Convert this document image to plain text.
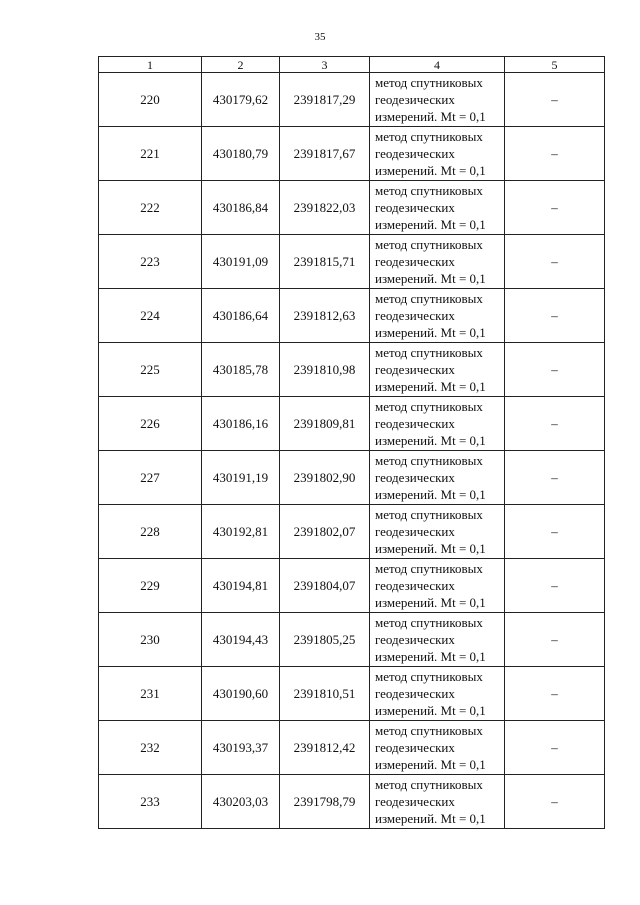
35
1	2	3	4	5
220	430179,62	2391817,29	метод спутниковых
геодезических
измерений. Mt = 0,1	–
221	430180,79	2391817,67	метод спутниковых
геодезических
измерений. Mt = 0,1	–
222	430186,84	2391822,03	метод спутниковых
геодезических
измерений. Mt = 0,1	–
223	430191,09	2391815,71	метод спутниковых
геодезических
измерений. Mt = 0,1	–
224	430186,64	2391812,63	метод спутниковых
геодезических
измерений. Mt = 0,1	–
225	430185,78	2391810,98	метод спутниковых
геодезических
измерений. Mt = 0,1	–
226	430186,16	2391809,81	метод спутниковых
геодезических
измерений. Mt = 0,1	–
227	430191,19	2391802,90	метод спутниковых
геодезических
измерений. Mt = 0,1	–
228	430192,81	2391802,07	метод спутниковых
геодезических
измерений. Mt = 0,1	–
229	430194,81	2391804,07	метод спутниковых
геодезических
измерений. Mt = 0,1	–
230	430194,43	2391805,25	метод спутниковых
геодезических
измерений. Mt = 0,1	–
231	430190,60	2391810,51	метод спутниковых
геодезических
измерений. Mt = 0,1	–
232	430193,37	2391812,42	метод спутниковых
геодезических
измерений. Mt = 0,1	–
233	430203,03	2391798,79	метод спутниковых
геодезических
измерений. Mt = 0,1	–
